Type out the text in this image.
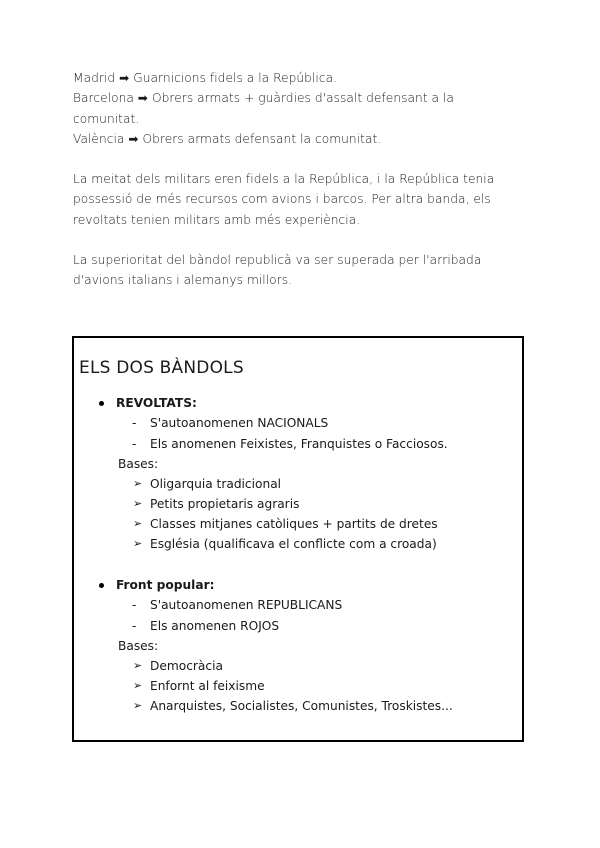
Madrid ➡ Guarnicions fidels a la República.
Barcelona ➡ Obrers armats + guàrdies d'assalt defensant a la
comunitat.
València ➡ Obrers armats defensant la comunitat.
La meitat dels militars eren fidels a la República, i la República tenia
possessió de més recursos com avions i barcos. Per altra banda, els
revoltats tenien militars amb més experiència.
La superioritat del bàndol republicà va ser superada per l'arribada
d'avions italians i alemanys millors.
ELS DOS BÀNDOLS
REVOLTATS:
- S'autoanomenen NACIONALS
- Els anomenen Feixistes, Franquistes o Facciosos.
Bases:
➢ Oligarquia tradicional
➢ Petits propietaris agraris
➢ Classes mitjanes catòliques + partits de dretes
➢ Església (qualificava el conflicte com a croada)
Front popular:
- S'autoanomenen REPUBLICANS
- Els anomenen ROJOS
Bases:
➢ Democràcia
➢ Enfornt al feixisme
➢ Anarquistes, Socialistes, Comunistes, Troskistes...
